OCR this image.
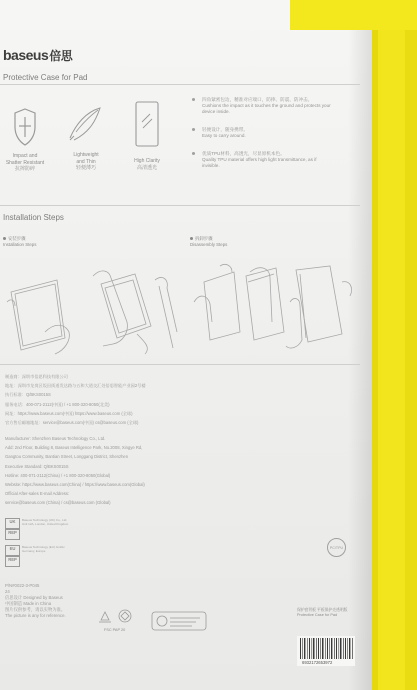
baseus倍思
Protective Case for Pad
Impact and
Shatter Resistant
抗摔防碎
Lightweight
and Thin
轻便薄巧
High Clarity
高清透光
四角紧密包边，精准对应端口，防摔、防震、防冲击。
Cushions the impact as it touches the ground and protects your
device inside.
轻便设计，随身携带。
Easy to carry around.
优质TPU材料，高透光，尽显原机本色。
Quality TPU material offers high light transmittance, as if
invisible.
Installation Steps
安装步骤
Installation Steps
拆卸步骤
Disassembly Steps
制造商：深圳市倍思科技有限公司
地址：深圳市龙岗区坂田街道发达路与五和大道交汇处倍思智能产业园2号楼
执行标准：Q/BKS0015S
服务电话：400-071-2112(中国) / +1 800-320-8050(北美)
网址：https://www.baseus.com(中国) https://www.baseus.com (全球)
官方售后邮箱地址：service@baseus.com(中国) cs@baseus.com (全球)
Manufacturer: Shenzhen Baseus Technology Co., Ltd.
Add: 2nd Floor, Building 8, Baseus Intelligence Park, No.2008, Xingye Rd,
Gangtou Community, Bantian Street, Longgang District, Shenzhen
Executive Standard: Q/BKS0015S
Hotline: 400-071-2112(China) / +1 800-320-8050(Global)
Website: https://www.baseus.com(China) / https://www.baseus.com(Global)
Official After-sales E-mail Address:
service@baseus.com (China) / cs@baseus.com (Global)
UK
REP
Baseus Technology (UK) Co., Ltd.
Unit 12A, London, United Kingdom
EU
REP
Baseus Technology (EU) GmbH
Germany, Europe
PC/TPU
P/N#0022-3-P045
24
倍思设计 Designed by Baseus
中国制造 Made in China
图片仅供参考，请以实物为准。
The picture is any for reference.
FSC PAP 20
保护套背板 平板保护壳透明版
Protective Case for Pad
6932172653972
